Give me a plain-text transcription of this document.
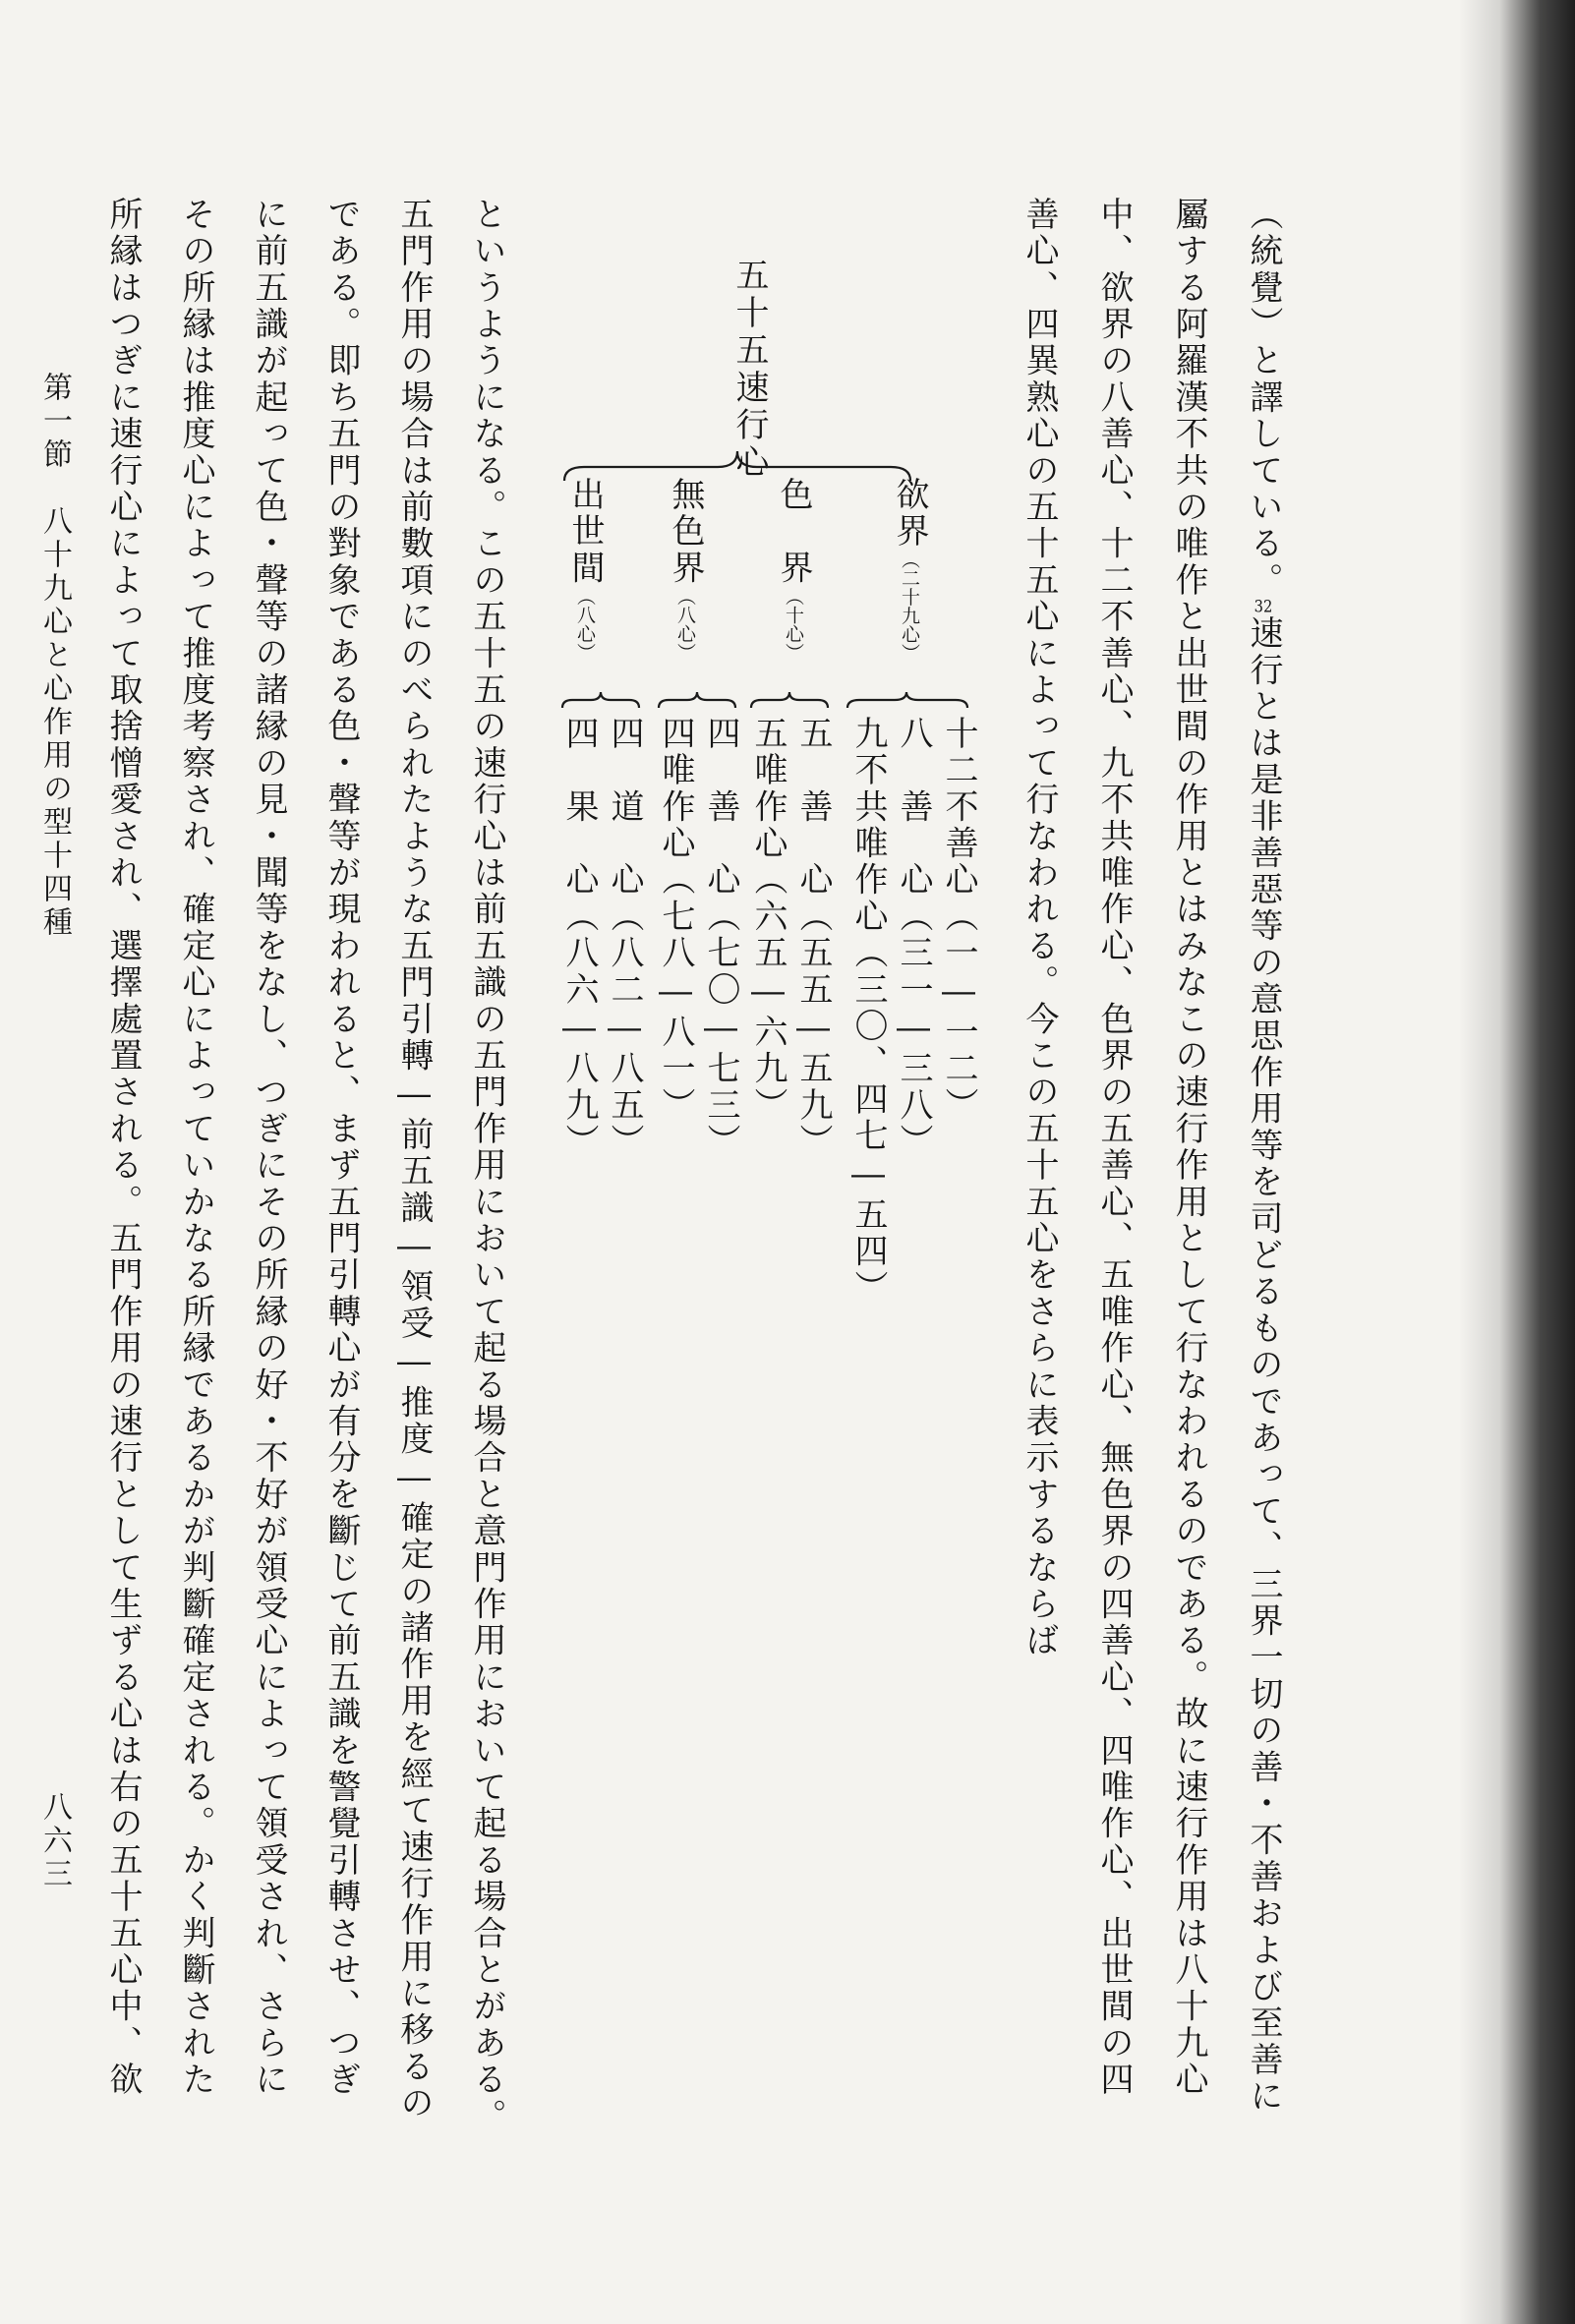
（統覺）と譯している。32速行とは是非善惡等の意思作用等を司どるものであって、三界一切の善・不善および至善に
屬する阿羅漢不共の唯作と出世間の作用とはみなこの速行作用として行なわれるのである。故に速行作用は八十九心
中、欲界の八善心、十二不善心、九不共唯作心、色界の五善心、五唯作心、無色界の四善心、四唯作心、出世間の四
善心、四異熟心の五十五心によって行なわれる。今この五十五心をさらに表示するならば
五十五速行心
欲界（二十九心）
十二不善心（一―一二）
八　善　心（三一―三八）
九不共唯作心（三〇、四七―五四）
色　界（十心）
五　善　心（五五―五九）
五唯作心（六五―六九）
無色界（八心）
四　善　心（七〇―七三）
四唯作心（七八―八一）
出世間（八心）
四　道　心（八二―八五）
四　果　心（八六―八九）
というようになる。この五十五の速行心は前五識の五門作用において起る場合と意門作用において起る場合とがある。
五門作用の場合は前數項にのべられたような五門引轉―前五識―領受―推度―確定の諸作用を經て速行作用に移るの
である。即ち五門の對象である色・聲等が現われると、まず五門引轉心が有分を斷じて前五識を警覺引轉させ、つぎ
に前五識が起って色・聲等の諸縁の見・聞等をなし、つぎにその所縁の好・不好が領受心によって領受され、さらに
その所縁は推度心によって推度考察され、確定心によっていかなる所縁であるかが判斷確定される。かく判斷された
所縁はつぎに速行心によって取捨憎愛され、選擇處置される。五門作用の速行として生ずる心は右の五十五心中、欲
第一節　八十九心と心作用の型十四種
八六三
